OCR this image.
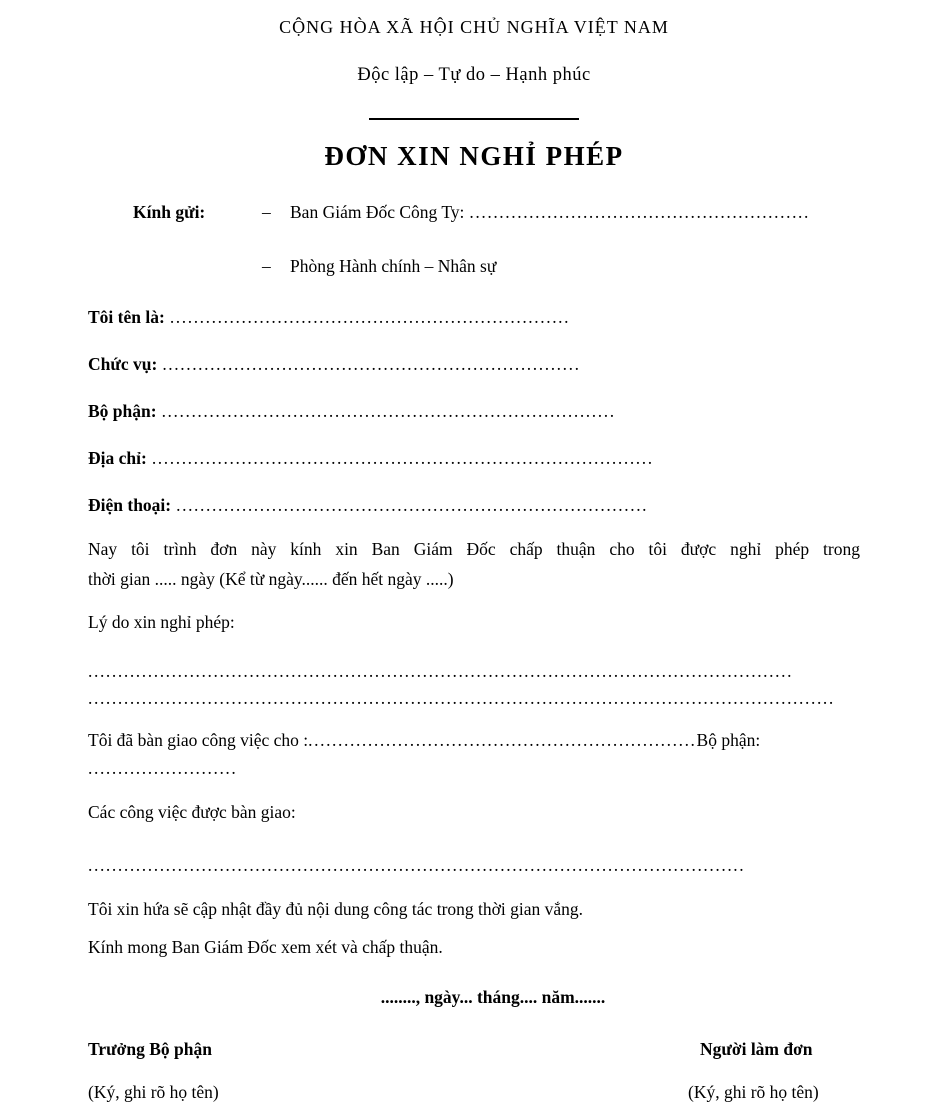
CỘNG HÒA XÃ HỘI CHỦ NGHĨA VIỆT NAM
Độc lập – Tự do – Hạnh phúc
ĐƠN XIN NGHỈ PHÉP
Kính gửi:	– Ban Giám Đốc Công Ty: .........................................................
– Phòng Hành chính – Nhân sự
Tôi tên là: ...................................................................
Chức vụ: ......................................................................
Bộ phận: ............................................................................
Địa chỉ: ....................................................................................
Điện thoại: ...............................................................................
Nay tôi trình đơn này kính xin Ban Giám Đốc chấp thuận cho tôi được nghỉ phép trong
thời gian ..... ngày (Kể từ ngày...... đến hết ngày .....)
Lý do xin nghỉ phép:
......................................................................................................................
.............................................................................................................................
Tôi đã bàn giao công việc cho :.................................................................Bộ phận:
.........................
Các công việc được bàn giao:
..............................................................................................................
Tôi xin hứa sẽ cập nhật đầy đủ nội dung công tác trong thời gian vắng.
Kính mong Ban Giám Đốc xem xét và chấp thuận.
........, ngày... tháng.... năm.......
Trưởng Bộ phận	Người làm đơn
(Ký, ghi rõ họ tên)	(Ký, ghi rõ họ tên)
